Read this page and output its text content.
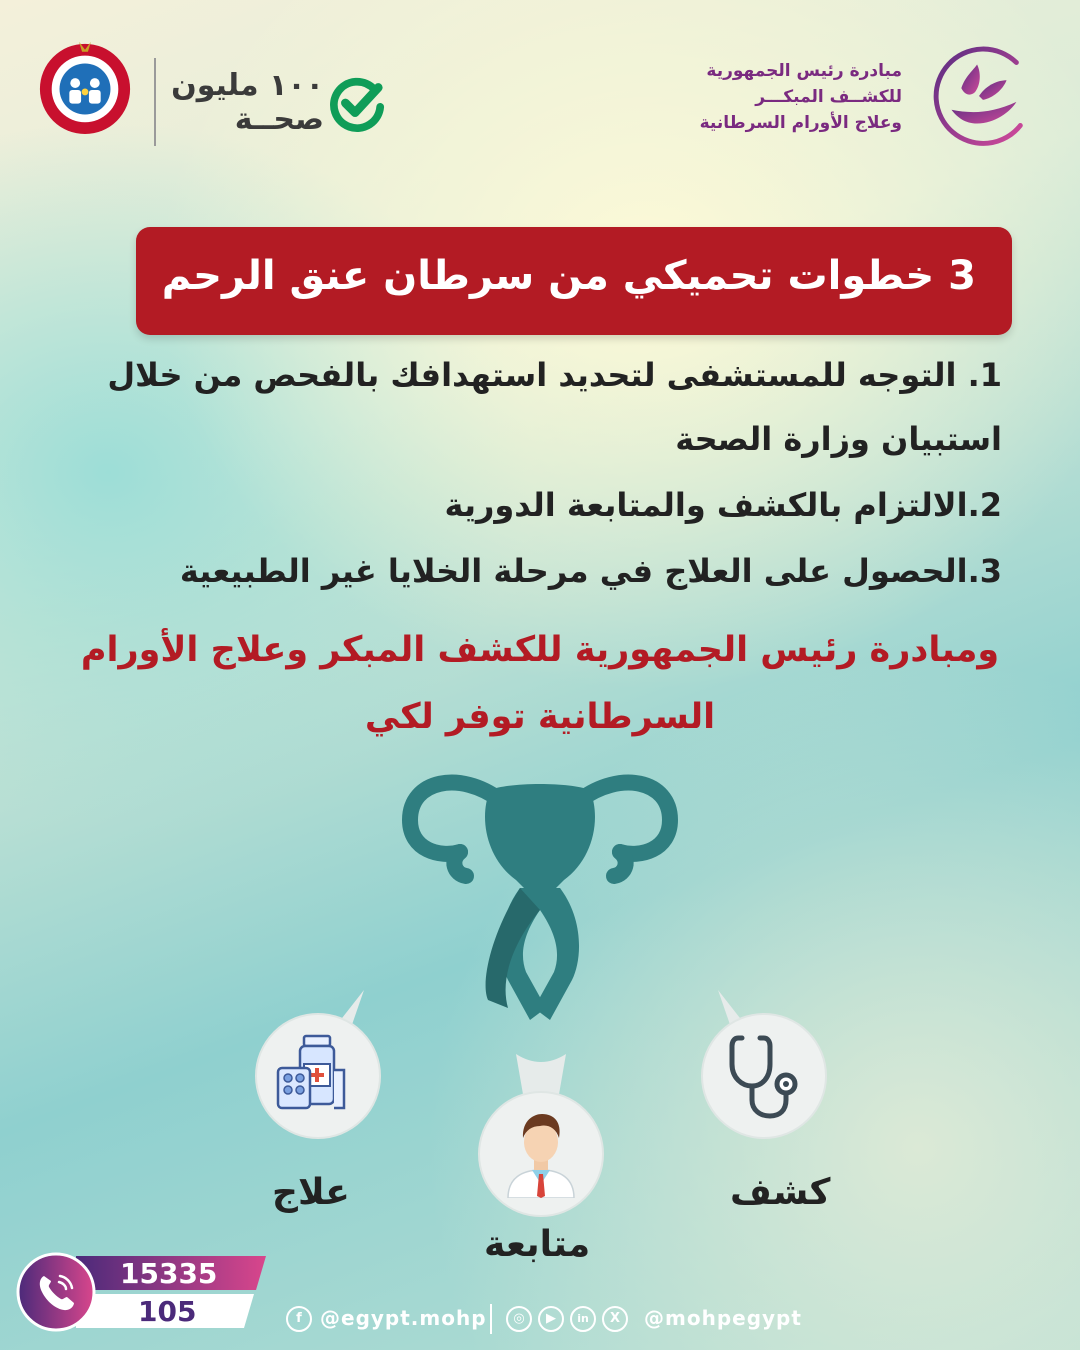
١٠٠ مليون
صحــة
مبادرة رئيس الجمهورية
للكشــف المبكـــر
وعلاج الأورام السرطانية
3 خطوات تحميكي من سرطان عنق الرحم
1. التوجه للمستشفى لتحديد استهدافك بالفحص من خلال
استبيان وزارة الصحة
2.الالتزام بالكشف والمتابعة الدورية
3.الحصول على العلاج في مرحلة الخلايا غير الطبيعية
ومبادرة رئيس الجمهورية للكشف المبكر وعلاج الأورام
السرطانية توفر لكي
علاج
متابعة
كشف
15335
105	f @egypt.mohp	◎	▶	in	X	@mohpegypt
